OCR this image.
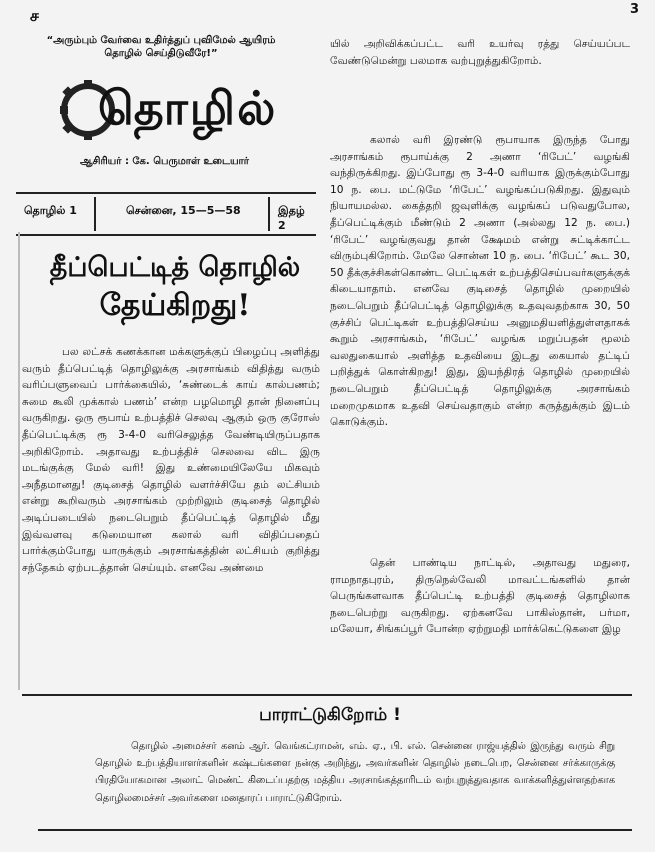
ச	3
“அரும்பும் வேர்வை உதிர்த்துப் புவிமேல் ஆயிரம் தொழில் செய்திடுவீரே!”
தொழில்
ஆசிரியர் : கே. பெருமாள் உடையார்
தொழில் 1	சென்னை, 15—5—58	இதழ் 2
தீப்பெட்டித் தொழில்
தேய்கிறது!

பல லட்சக் கணக்கான மக்களுக்குப் பிழைப்பு அளித்து வரும் தீப்பெட்டித் தொழிலுக்கு அரசாங்கம் விதித்து வரும் வரிப்பளுவைப் பார்க்கையில், ‘சுண்டைக் காய் கால்பணம்; சுமை கூலி முக்கால் பணம்’ என்ற பழமொழி தான் நினைப்பு வருகிறது. ஒரு ரூபாய் உற்பத்திச் செலவு ஆகும் ஒரு குரோஸ் தீப்பெட்டிக்கு ரூ 3-4-0 வரிசெலுத்த வேண்டியிருப்பதாக அறிகிறோம். அதாவது உற்பத்திச் செலவை விட இரு மடங்குக்கு மேல் வரி! இது உண்மையிலேயே மிகவும் அநீதமானது! குடிசைத் தொழில் வளர்ச்சியே தம் லட்சியம் என்று கூறிவரும் அரசாங்கம் முற்றிலும் குடிசைத் தொழில் அடிப்படையில் நடைபெறும் தீப்பெட்டித் தொழில் மீது இவ்வளவு கடுமையான கலால் வரி விதிப்பதைப் பார்க்கும்போது யாருக்கும் அரசாங்கத்தின் லட்சியம் குறித்து சந்தேகம் ஏற்படத்தான் செய்யும். எனவே அண்மை

யில் அறிவிக்கப்பட்ட வரி உயர்வு ரத்து செய்யப்பட வேண்டுமென்று பலமாக வற்புறுத்துகிறோம்.

கலால் வரி இரண்டு ரூபாயாக இருந்த போது அரசாங்கம் ரூபாய்க்கு 2 அணா ‘ரிபேட்’ வழங்கி வந்திருக்கிறது. இப்போது ரூ 3-4-0 வரியாக இருக்கும்போது 10 ந. பை. மட்டுமே ‘ரிபேட்’ வழங்கப்படுகிறது. இதுவும் நியாயமல்ல. கைத்தறி ஜவுளிக்கு வழங்கப் படுவதுபோல, தீப்பெட்டிக்கும் மீண்டும் 2 அணா (அல்லது 12 ந. பை.) ‘ரிபேட்’ வழங்குவது தான் க்ஷேமம் என்று சுட்டிக்காட்ட விரும்புகிறோம். மேலே சொன்ன 10 ந. பை. ‘ரிபேட்’ கூட 30, 50 தீக்குச்சிகள்கொண்ட பெட்டிகள் உற்பத்திசெய்பவர்களுக்குக் கிடையாதாம். எனவே குடிசைத் தொழில் முறையில் நடைபெறும் தீப்பெட்டித் தொழிலுக்கு உதவுவதற்காக 30, 50 குச்சிப் பெட்டிகள் உற்பத்திசெய்ய அனுமதியளித்துள்ளதாகக் கூறும் அரசாங்கம், ‘ரிபேட்’ வழங்க மறுப்பதன் மூலம் வலதுகையால் அளித்த உதவியை இடது கையால் தட்டிப் பறித்துக் கொள்கிறது! இது, இயந்திரத் தொழில் முறையில் நடைபெறும் தீப்பெட்டித் தொழிலுக்கு அரசாங்கம் மறைமுகமாக உதவி செய்வதாகும் என்ற கருத்துக்கும் இடம் கொடுக்கும்.

தென் பாண்டிய நாட்டில், அதாவது மதுரை, ராமநாதபுரம், திருநெல்வேலி மாவட்டங்களில் தான் பெருங்களவாக தீப்பெட்டி உற்பத்தி குடிசைத் தொழிலாக நடைபெற்று வருகிறது. ஏற்கனவே பாகிஸ்தான், பர்மா, மலேயா, சிங்கப்பூர் போன்ற ஏற்றுமதி மார்க்கெட்டுகளை இழ

பாராட்டுகிறோம் !

தொழில் அமைச்சர் கனம் ஆர். வெங்கட்ராமன், எம். ஏ., பி. எல். சென்னை ராஜ்யத்தில் இருந்து வரும் சிறு தொழில் உற்பத்தியாளர்களின் கஷ்டங்களை நன்கு அறிந்து, அவர்களின் தொழில் நடைபெற, சென்னை சர்க்காருக்கு பிரதியோகமான அலாட் மெண்ட் கிடைப்பதற்கு மத்திய அரசாங்கத்தாரிடம் வற்புறுத்துவதாக வாக்களித்துள்ளதற்காக தொழிலமைச்சர் அவர்களை மனதாரப் பாராட்டுகிறோம்.
